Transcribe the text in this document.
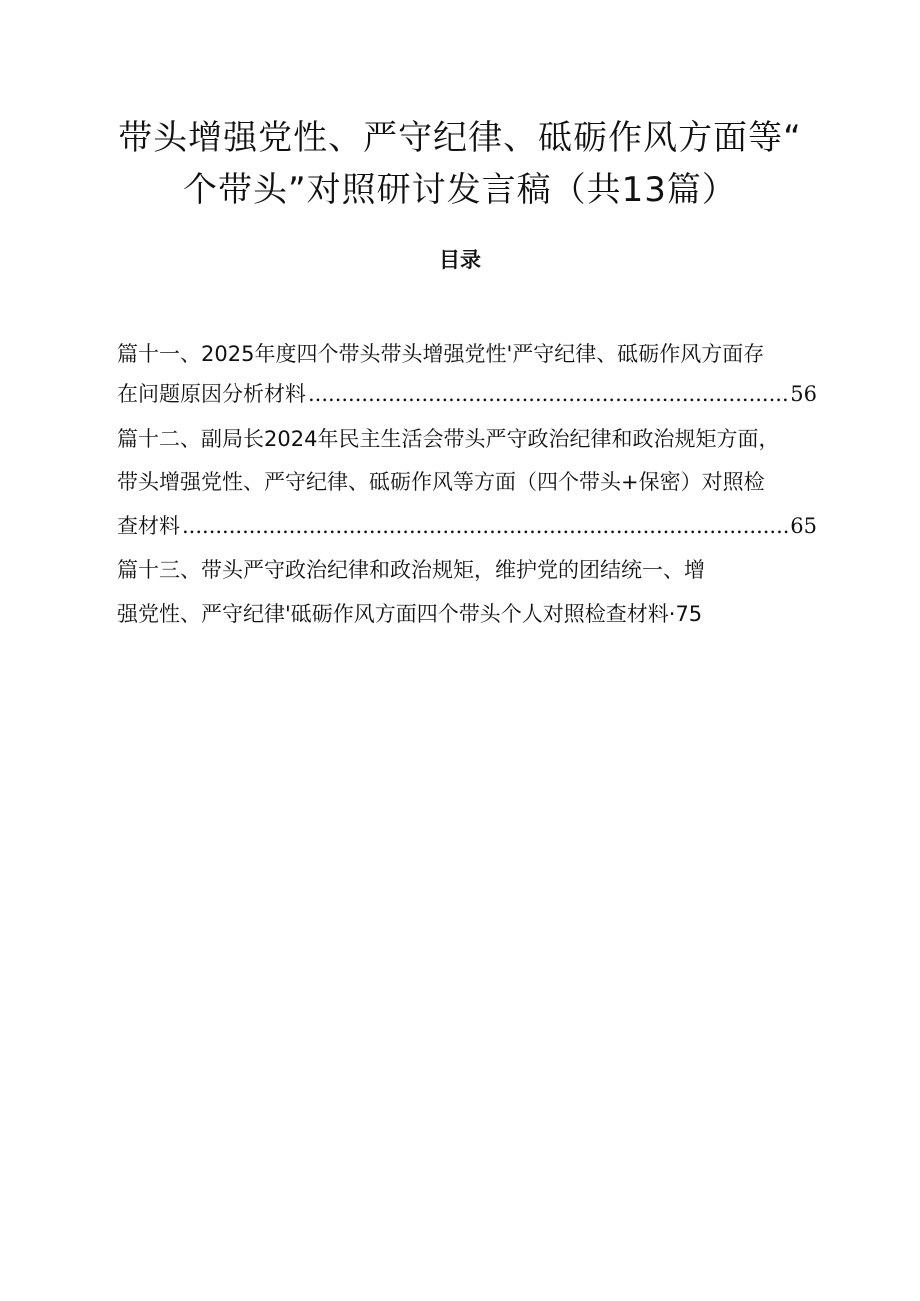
带头增强党性、严守纪律、砥砺作风方面等“
个带头”对照研讨发言稿（共13篇）
目录
篇十一、2025年度四个带头带头增强党性'严守纪律、砥砺作风方面存
在问题原因分析材料 .....	56
篇十二、副局长2024年民主生活会带头严守政治纪律和政治规矩方面，
带头增强党性、严守纪律、砥砺作风等方面（四个带头+保密）对照检
查材料 .....	65
篇十三、带头严守政治纪律和政治规矩，维护党的团结统一、增
强党性、严守纪律'砥砺作风方面四个带头个人对照检查材料·75
